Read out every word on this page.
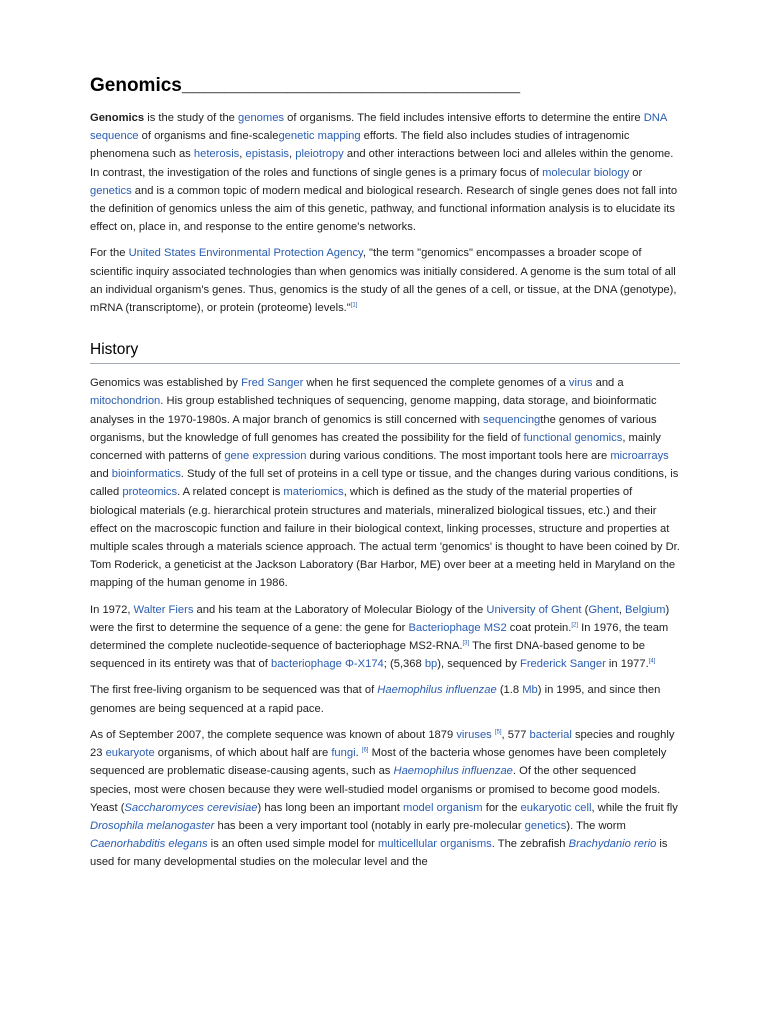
Genomics________________________________

Genomics is the study of the genomes of organisms. The field includes intensive efforts to determine the entire DNA sequence of organisms and fine-scalegenetic mapping efforts. The field also includes studies of intragenomic phenomena such as heterosis, epistasis, pleiotropy and other interactions between loci and alleles within the genome. In contrast, the investigation of the roles and functions of single genes is a primary focus of molecular biology or genetics and is a common topic of modern medical and biological research. Research of single genes does not fall into the definition of genomics unless the aim of this genetic, pathway, and functional information analysis is to elucidate its effect on, place in, and response to the entire genome's networks.

For the United States Environmental Protection Agency, "the term "genomics" encompasses a broader scope of scientific inquiry associated technologies than when genomics was initially considered. A genome is the sum total of all an individual organism's genes. Thus, genomics is the study of all the genes of a cell, or tissue, at the DNA (genotype), mRNA (transcriptome), or protein (proteome) levels."[1]

History

Genomics was established by Fred Sanger when he first sequenced the complete genomes of a virus and a mitochondrion. His group established techniques of sequencing, genome mapping, data storage, and bioinformatic analyses in the 1970-1980s. A major branch of genomics is still concerned with sequencingthe genomes of various organisms, but the knowledge of full genomes has created the possibility for the field of functional genomics, mainly concerned with patterns of gene expression during various conditions. The most important tools here are microarrays and bioinformatics. Study of the full set of proteins in a cell type or tissue, and the changes during various conditions, is called proteomics. A related concept is materiomics, which is defined as the study of the material properties of biological materials (e.g. hierarchical protein structures and materials, mineralized biological tissues, etc.) and their effect on the macroscopic function and failure in their biological context, linking processes, structure and properties at multiple scales through a materials science approach. The actual term 'genomics' is thought to have been coined by Dr. Tom Roderick, a geneticist at the Jackson Laboratory (Bar Harbor, ME) over beer at a meeting held in Maryland on the mapping of the human genome in 1986.

In 1972, Walter Fiers and his team at the Laboratory of Molecular Biology of the University of Ghent (Ghent, Belgium) were the first to determine the sequence of a gene: the gene for Bacteriophage MS2 coat protein.[2] In 1976, the team determined the complete nucleotide-sequence of bacteriophage MS2-RNA.[3] The first DNA-based genome to be sequenced in its entirety was that of bacteriophage Φ-X174; (5,368 bp), sequenced by Frederick Sanger in 1977.[4]

The first free-living organism to be sequenced was that of Haemophilus influenzae (1.8 Mb) in 1995, and since then genomes are being sequenced at a rapid pace.

As of September 2007, the complete sequence was known of about 1879 viruses [5], 577 bacterial species and roughly 23 eukaryote organisms, of which about half are fungi. [6] Most of the bacteria whose genomes have been completely sequenced are problematic disease-causing agents, such as Haemophilus influenzae. Of the other sequenced species, most were chosen because they were well-studied model organisms or promised to become good models. Yeast (Saccharomyces cerevisiae) has long been an important model organism for the eukaryotic cell, while the fruit fly Drosophila melanogaster has been a very important tool (notably in early pre-molecular genetics). The worm Caenorhabditis elegans is an often used simple model for multicellular organisms. The zebrafish Brachydanio rerio is used for many developmental studies on the molecular level and the
